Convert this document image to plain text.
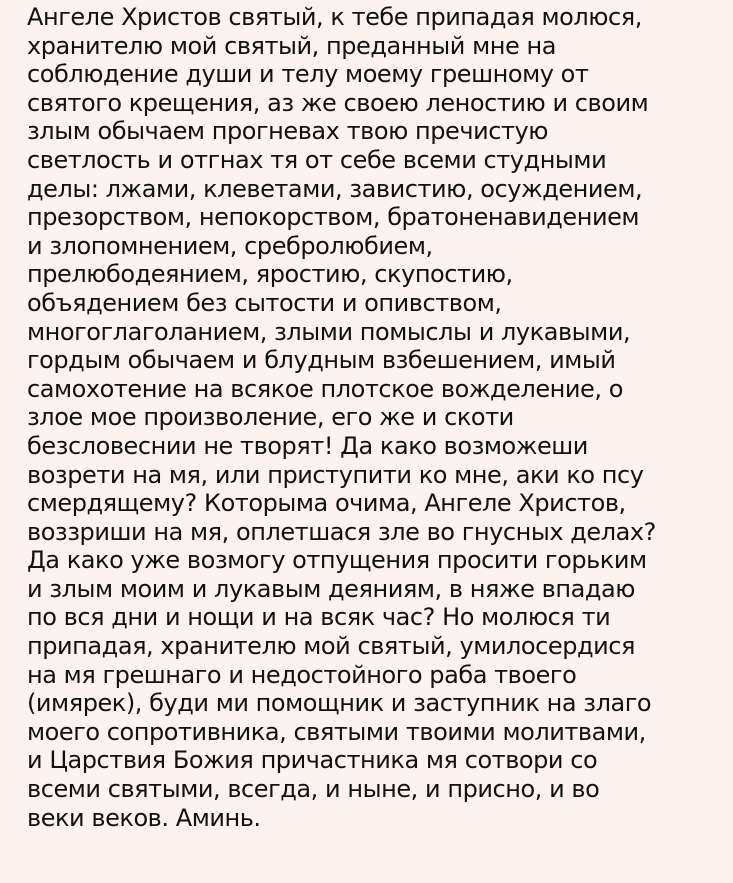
Ангеле Христов святый, к тебе припадая молюся,
хранителю мой святый, преданный мне на
соблюдение души и телу моему грешному от
святого крещения, аз же своею леностию и своим
злым обычаем прогневах твою пречистую
светлость и отгнах тя от себе всеми студными
делы: лжами, клеветами, завистию, осуждением,
презорством, непокорством, братоненавидением
и злопомнением, сребролюбием,
прелюбодеянием, яростию, скупостию,
объядением без сытости и опивством,
многоглаголанием, злыми помыслы и лукавыми,
гордым обычаем и блудным взбешением, имый
самохотение на всякое плотское вожделение, о
злое мое произволение, его же и скоти
безсловеснии не творят! Да како возможеши
возрети на мя, или приступити ко мне, аки ко псу
смердящему? Которыма очима, Ангеле Христов,
воззриши на мя, оплетшася зле во гнусных делах?
Да како уже возмогу отпущения просити горьким
и злым моим и лукавым деяниям, в няже впадаю
по вся дни и нощи и на всяк час? Но молюся ти
припадая, хранителю мой святый, умилосердися
на мя грешнаго и недостойного раба твоего
(имярек), буди ми помощник и заступник на злаго
моего сопротивника, святыми твоими молитвами,
и Царствия Божия причастника мя сотвори со
всеми святыми, всегда, и ныне, и присно, и во
веки веков. Аминь.
